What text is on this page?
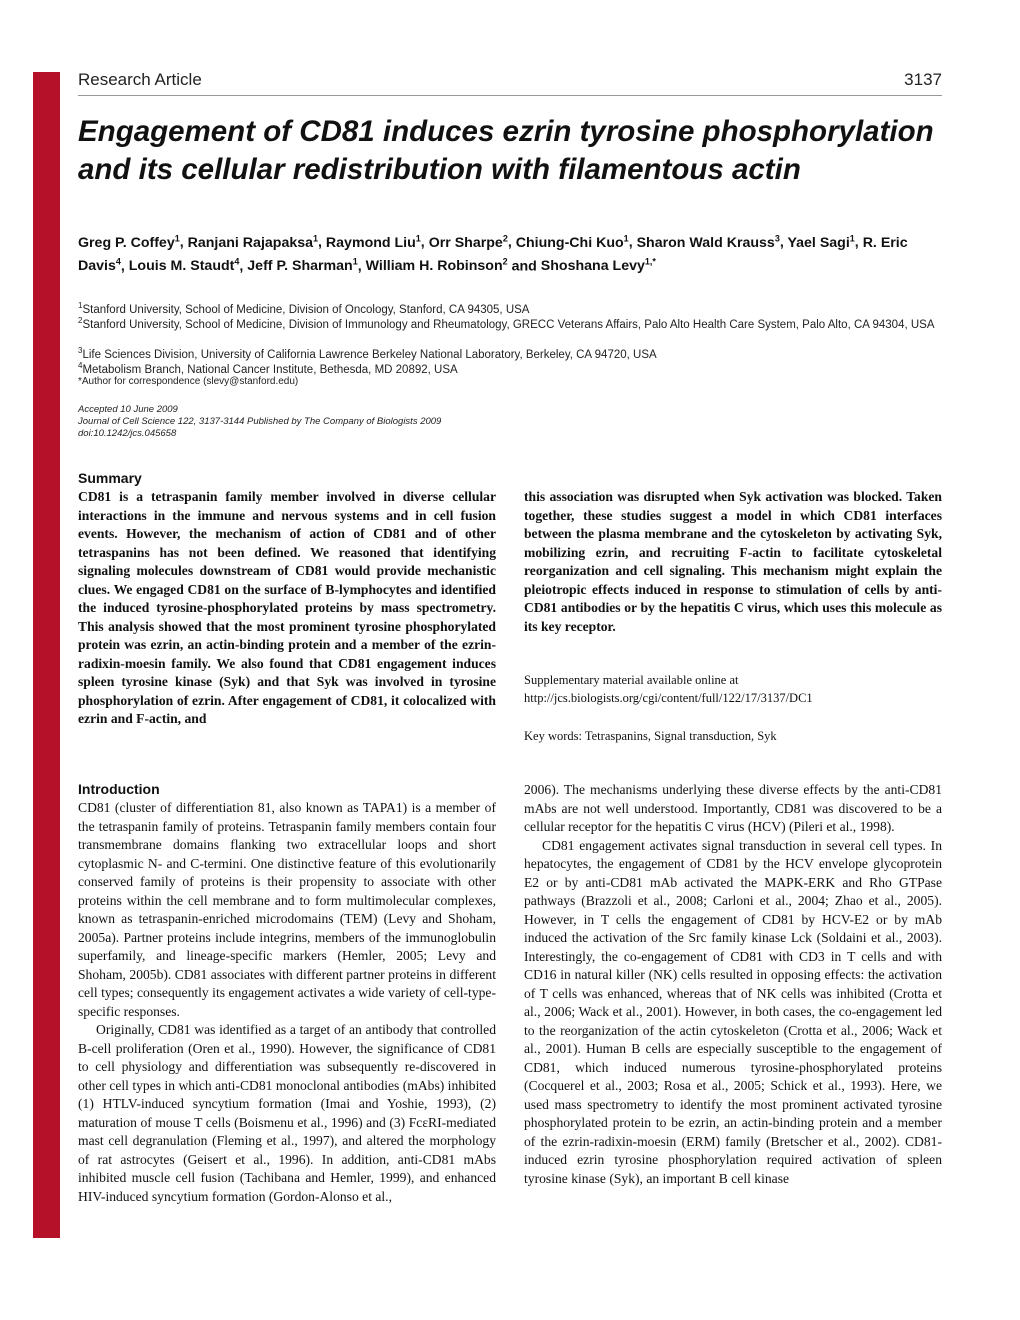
Journal of Cell Science
Research Article	3137
Engagement of CD81 induces ezrin tyrosine phosphorylation and its cellular redistribution with filamentous actin
Greg P. Coffey$^1$, Ranjani Rajapaksa$^1$, Raymond Liu$^1$, Orr Sharpe$^2$, Chiung-Chi Kuo$^1$, Sharon Wald Krauss$^3$, Yael Sagi$^1$, R. Eric Davis$^4$, Louis M. Staudt$^4$, Jeff P. Sharman$^1$, William H. Robinson$^2$ and Shoshana Levy$^{1,*}$
$^1$Stanford University, School of Medicine, Division of Oncology, Stanford, CA 94305, USA
$^2$Stanford University, School of Medicine, Division of Immunology and Rheumatology, GRECC Veterans Affairs, Palo Alto Health Care System, Palo Alto, CA 94304, USA
$^3$Life Sciences Division, University of California Lawrence Berkeley National Laboratory, Berkeley, CA 94720, USA
$^4$Metabolism Branch, National Cancer Institute, Bethesda, MD 20892, USA
*Author for correspondence (slevy@stanford.edu)
Accepted 10 June 2009
Journal of Cell Science 122, 3137-3144 Published by The Company of Biologists 2009
doi:10.1242/jcs.045658
Summary
CD81 is a tetraspanin family member involved in diverse cellular interactions in the immune and nervous systems and in cell fusion events. However, the mechanism of action of CD81 and of other tetraspanins has not been defined. We reasoned that identifying signaling molecules downstream of CD81 would provide mechanistic clues. We engaged CD81 on the surface of B-lymphocytes and identified the induced tyrosine-phosphorylated proteins by mass spectrometry. This analysis showed that the most prominent tyrosine phosphorylated protein was ezrin, an actin-binding protein and a member of the ezrin-radixin-moesin family. We also found that CD81 engagement induces spleen tyrosine kinase (Syk) and that Syk was involved in tyrosine phosphorylation of ezrin. After engagement of CD81, it colocalized with ezrin and F-actin, and
this association was disrupted when Syk activation was blocked. Taken together, these studies suggest a model in which CD81 interfaces between the plasma membrane and the cytoskeleton by activating Syk, mobilizing ezrin, and recruiting F-actin to facilitate cytoskeletal reorganization and cell signaling. This mechanism might explain the pleiotropic effects induced in response to stimulation of cells by anti-CD81 antibodies or by the hepatitis C virus, which uses this molecule as its key receptor.
Supplementary material available online at
http://jcs.biologists.org/cgi/content/full/122/17/3137/DC1
Key words: Tetraspanins, Signal transduction, Syk
Introduction

CD81 (cluster of differentiation 81, also known as TAPA1) is a member of the tetraspanin family of proteins. Tetraspanin family members contain four transmembrane domains flanking two extracellular loops and short cytoplasmic N- and C-termini. One distinctive feature of this evolutionarily conserved family of proteins is their propensity to associate with other proteins within the cell membrane and to form multimolecular complexes, known as tetraspanin-enriched microdomains (TEM) (Levy and Shoham, 2005a). Partner proteins include integrins, members of the immunoglobulin superfamily, and lineage-specific markers (Hemler, 2005; Levy and Shoham, 2005b). CD81 associates with different partner proteins in different cell types; consequently its engagement activates a wide variety of cell-type-specific responses.

Originally, CD81 was identified as a target of an antibody that controlled B-cell proliferation (Oren et al., 1990). However, the significance of CD81 to cell physiology and differentiation was subsequently re-discovered in other cell types in which anti-CD81 monoclonal antibodies (mAbs) inhibited (1) HTLV-induced syncytium formation (Imai and Yoshie, 1993), (2) maturation of mouse T cells (Boismenu et al., 1996) and (3) FcεRI-mediated mast cell degranulation (Fleming et al., 1997), and altered the morphology of rat astrocytes (Geisert et al., 1996). In addition, anti-CD81 mAbs inhibited muscle cell fusion (Tachibana and Hemler, 1999), and enhanced HIV-induced syncytium formation (Gordon-Alonso et al.,

2006). The mechanisms underlying these diverse effects by the anti-CD81 mAbs are not well understood. Importantly, CD81 was discovered to be a cellular receptor for the hepatitis C virus (HCV) (Pileri et al., 1998).

CD81 engagement activates signal transduction in several cell types. In hepatocytes, the engagement of CD81 by the HCV envelope glycoprotein E2 or by anti-CD81 mAb activated the MAPK-ERK and Rho GTPase pathways (Brazzoli et al., 2008; Carloni et al., 2004; Zhao et al., 2005). However, in T cells the engagement of CD81 by HCV-E2 or by mAb induced the activation of the Src family kinase Lck (Soldaini et al., 2003). Interestingly, the co-engagement of CD81 with CD3 in T cells and with CD16 in natural killer (NK) cells resulted in opposing effects: the activation of T cells was enhanced, whereas that of NK cells was inhibited (Crotta et al., 2006; Wack et al., 2001). However, in both cases, the co-engagement led to the reorganization of the actin cytoskeleton (Crotta et al., 2006; Wack et al., 2001). Human B cells are especially susceptible to the engagement of CD81, which induced numerous tyrosine-phosphorylated proteins (Cocquerel et al., 2003; Rosa et al., 2005; Schick et al., 1993). Here, we used mass spectrometry to identify the most prominent activated tyrosine phosphorylated protein to be ezrin, an actin-binding protein and a member of the ezrin-radixin-moesin (ERM) family (Bretscher et al., 2002). CD81-induced ezrin tyrosine phosphorylation required activation of spleen tyrosine kinase (Syk), an important B cell kinase
